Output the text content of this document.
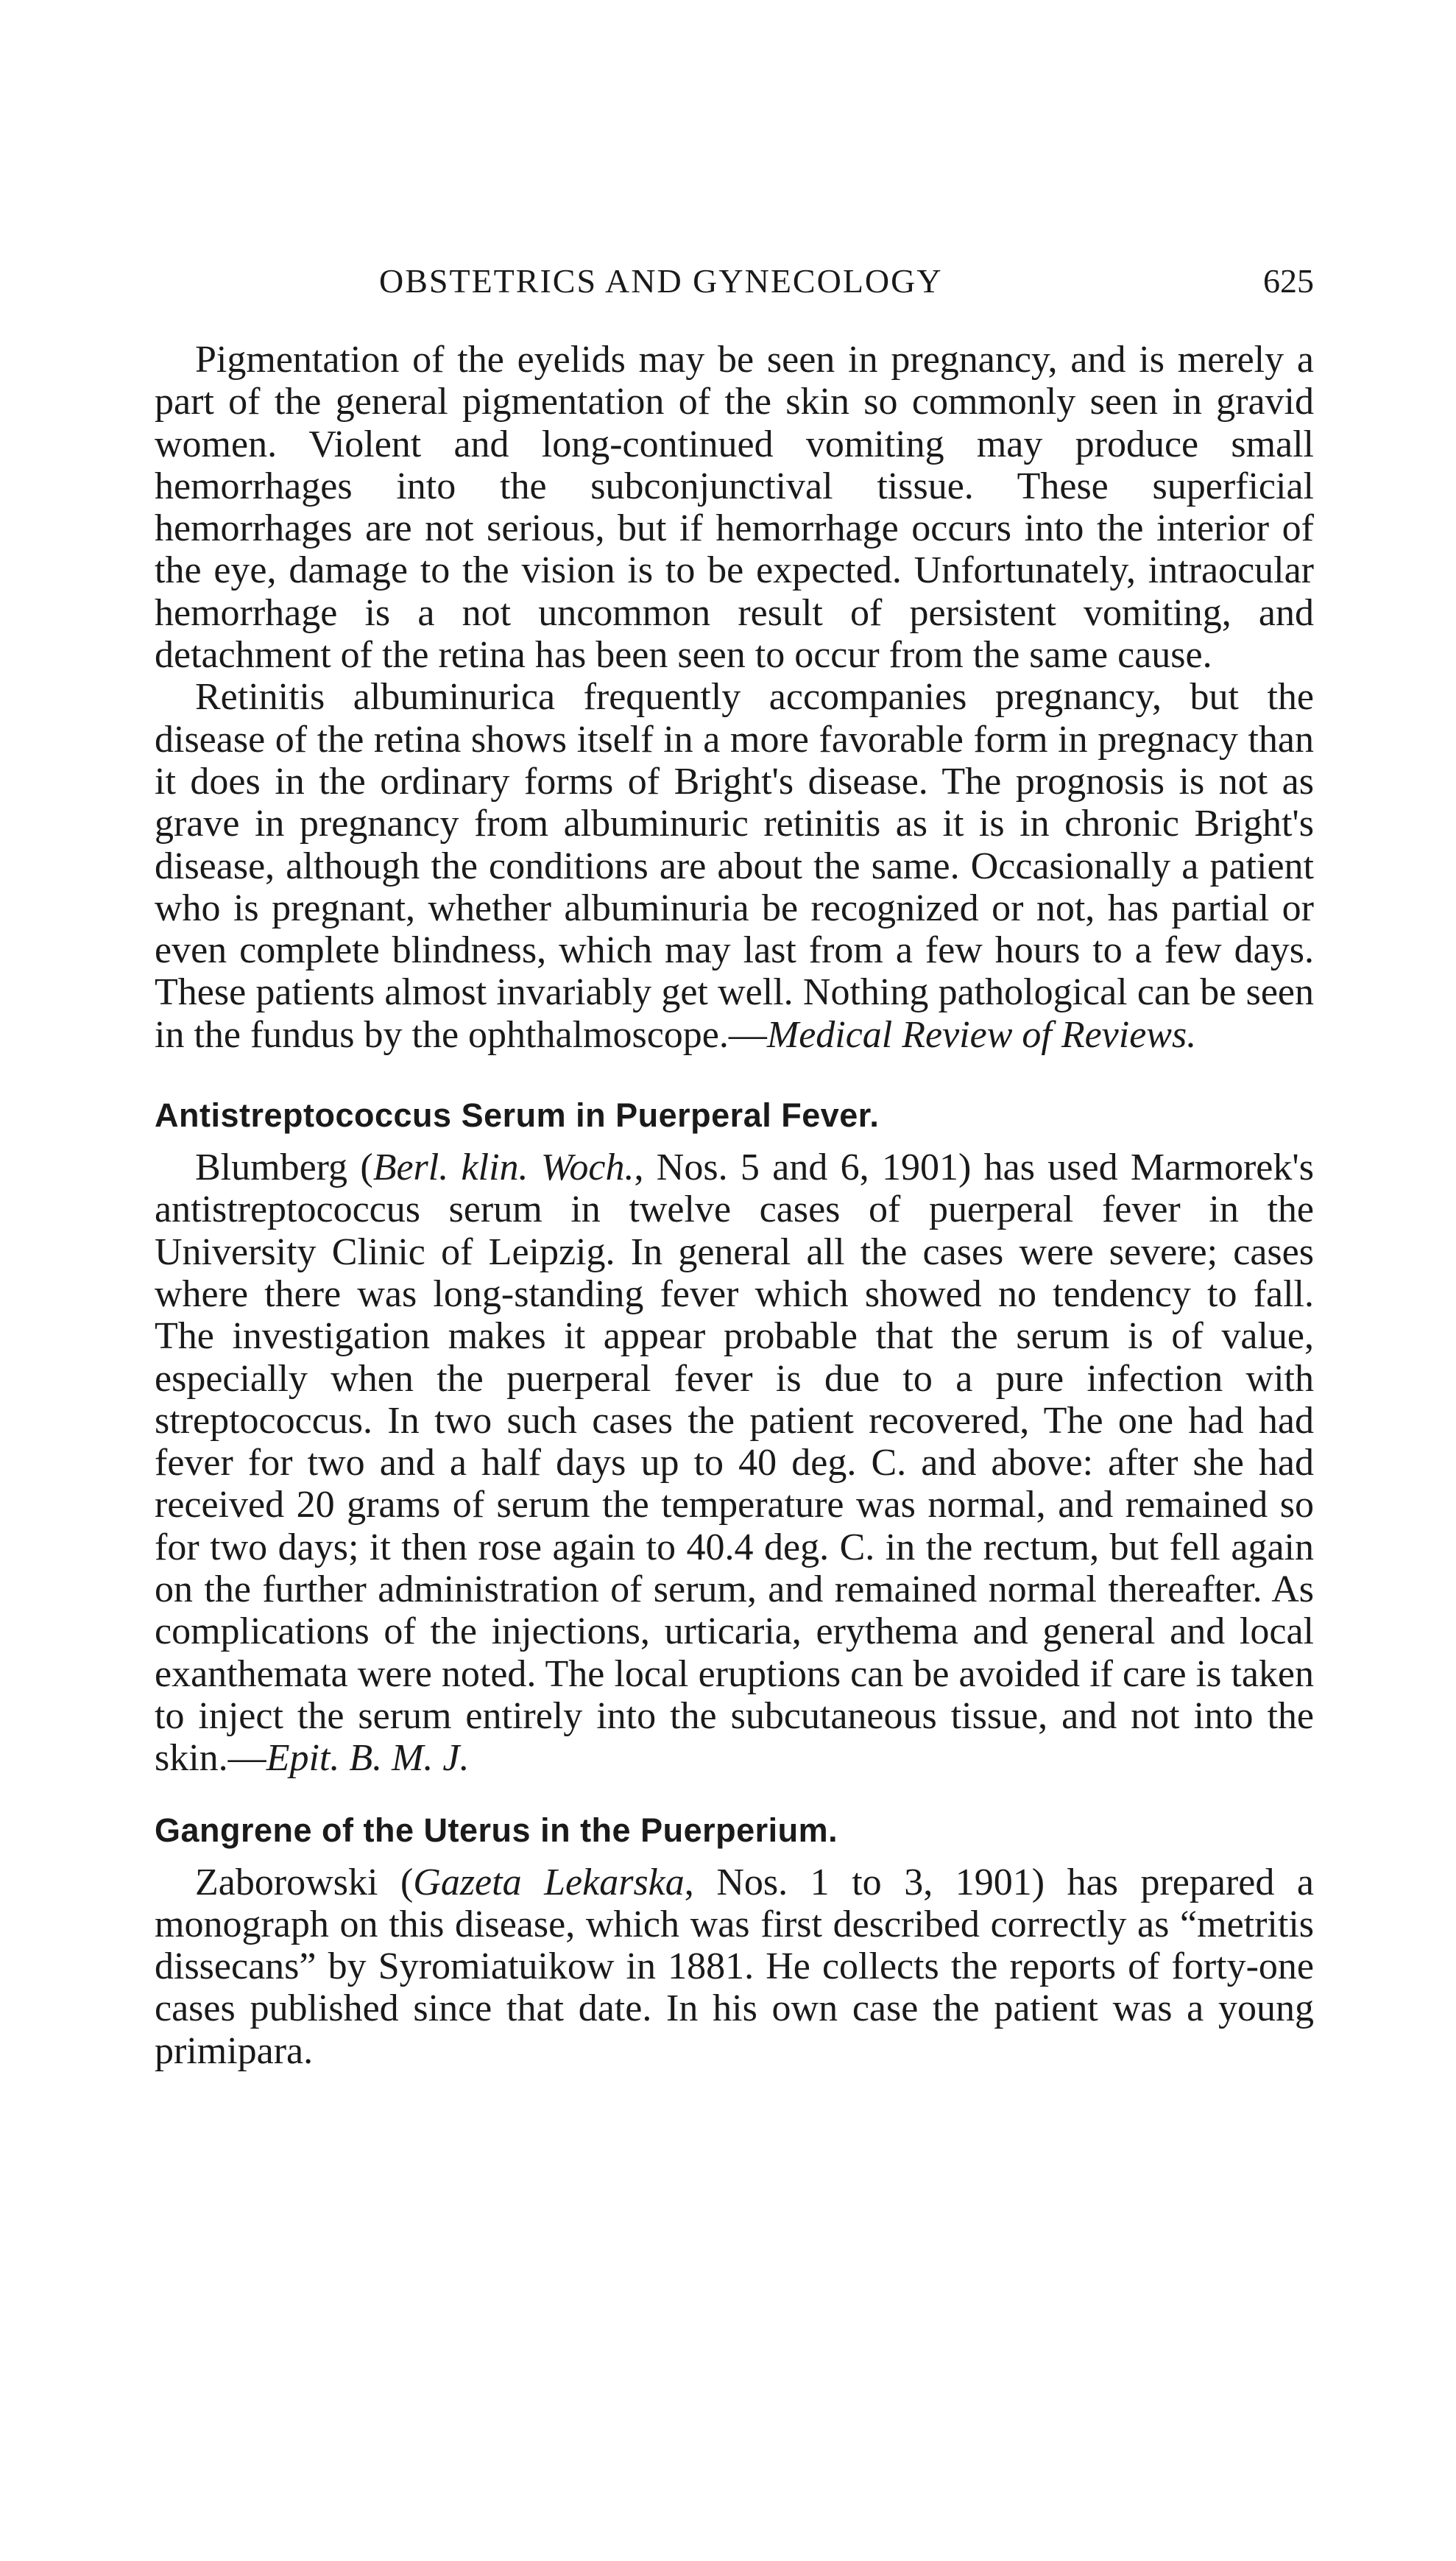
OBSTETRICS AND GYNECOLOGY	625

Pigmentation of the eyelids may be seen in pregnancy, and is merely a part of the general pigmentation of the skin so commonly seen in gravid women. Violent and long-continued vomiting may produce small hemorrhages into the subconjunctival tissue. These superficial hemorrhages are not serious, but if hemorrhage occurs into the interior of the eye, damage to the vision is to be expected. Unfortunately, intraocular hemorrhage is a not uncommon result of persistent vomiting, and detachment of the retina has been seen to occur from the same cause.

Retinitis albuminurica frequently accompanies pregnancy, but the disease of the retina shows itself in a more favorable form in pregnacy than it does in the ordinary forms of Bright's disease. The prognosis is not as grave in pregnancy from albuminuric retinitis as it is in chronic Bright's disease, although the conditions are about the same. Occasionally a patient who is pregnant, whether albuminuria be recognized or not, has partial or even complete blindness, which may last from a few hours to a few days. These patients almost invariably get well. Nothing pathological can be seen in the fundus by the ophthalmoscope.—Medical Review of Reviews.

Antistreptococcus Serum in Puerperal Fever.

Blumberg (Berl. klin. Woch., Nos. 5 and 6, 1901) has used Marmorek's antistreptococcus serum in twelve cases of puerperal fever in the University Clinic of Leipzig. In general all the cases were severe; cases where there was long-standing fever which showed no tendency to fall. The investigation makes it appear probable that the serum is of value, especially when the puerperal fever is due to a pure infection with streptococcus. In two such cases the patient recovered, The one had had fever for two and a half days up to 40 deg. C. and above: after she had received 20 grams of serum the temperature was normal, and remained so for two days; it then rose again to 40.4 deg. C. in the rectum, but fell again on the further administration of serum, and remained normal thereafter. As complications of the injections, urticaria, erythema and general and local exanthemata were noted. The local eruptions can be avoided if care is taken to inject the serum entirely into the subcutaneous tissue, and not into the skin.—Epit. B. M. J.

Gangrene of the Uterus in the Puerperium.

Zaborowski (Gazeta Lekarska, Nos. 1 to 3, 1901) has prepared a monograph on this disease, which was first described correctly as “metritis dissecans” by Syromiatuikow in 1881. He collects the reports of forty-one cases published since that date. In his own case the patient was a young primipara.
